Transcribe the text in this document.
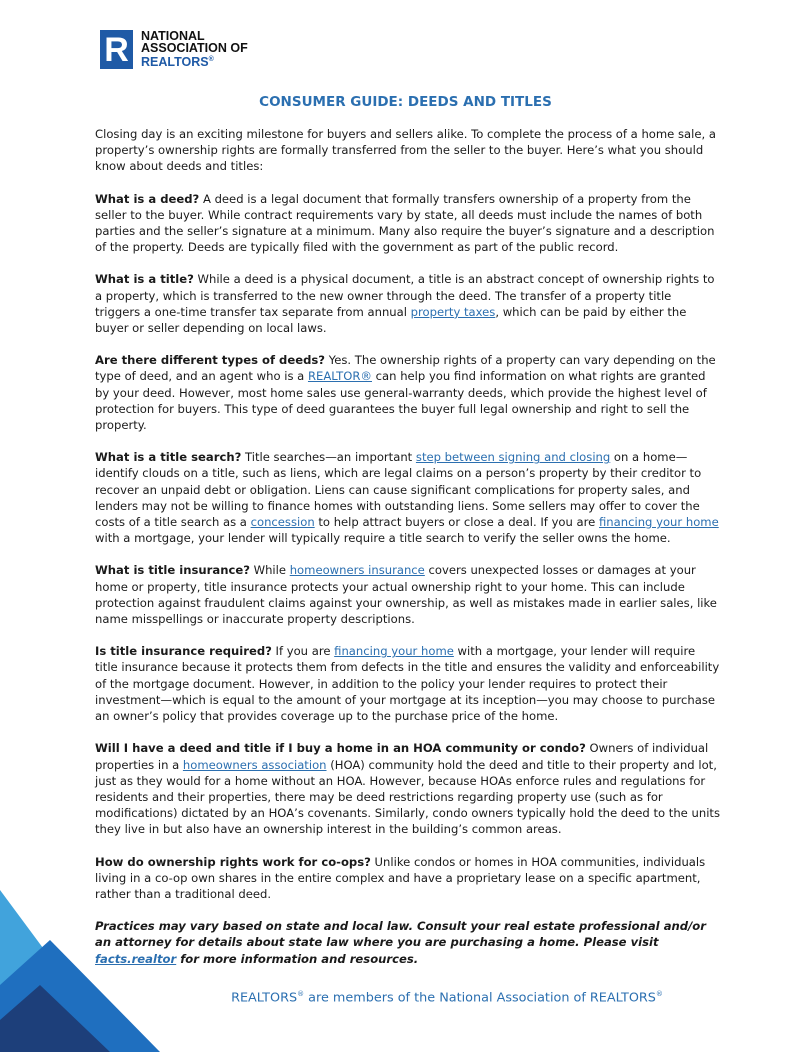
R NATIONAL
ASSOCIATION OF
REALTORS®
CONSUMER GUIDE: DEEDS AND TITLES

Closing day is an exciting milestone for buyers and sellers alike. To complete the process of a home sale, a property’s ownership rights are formally transferred from the seller to the buyer. Here’s what you should know about deeds and titles:

What is a deed? A deed is a legal document that formally transfers ownership of a property from the seller to the buyer. While contract requirements vary by state, all deeds must include the names of both parties and the seller’s signature at a minimum. Many also require the buyer’s signature and a description of the property. Deeds are typically filed with the government as part of the public record.

What is a title? While a deed is a physical document, a title is an abstract concept of ownership rights to a property, which is transferred to the new owner through the deed. The transfer of a property title triggers a one-time transfer tax separate from annual property taxes, which can be paid by either the buyer or seller depending on local laws.

Are there different types of deeds? Yes. The ownership rights of a property can vary depending on the type of deed, and an agent who is a REALTOR® can help you find information on what rights are granted by your deed. However, most home sales use general-warranty deeds, which provide the highest level of protection for buyers. This type of deed guarantees the buyer full legal ownership and right to sell the property.

What is a title search? Title searches—an important step between signing and closing on a home—identify clouds on a title, such as liens, which are legal claims on a person’s property by their creditor to recover an unpaid debt or obligation. Liens can cause significant complications for property sales, and lenders may not be willing to finance homes with outstanding liens. Some sellers may offer to cover the costs of a title search as a concession to help attract buyers or close a deal. If you are financing your home with a mortgage, your lender will typically require a title search to verify the seller owns the home.

What is title insurance? While homeowners insurance covers unexpected losses or damages at your home or property, title insurance protects your actual ownership right to your home. This can include protection against fraudulent claims against your ownership, as well as mistakes made in earlier sales, like name misspellings or inaccurate property descriptions.

Is title insurance required? If you are financing your home with a mortgage, your lender will require title insurance because it protects them from defects in the title and ensures the validity and enforceability of the mortgage document. However, in addition to the policy your lender requires to protect their investment—which is equal to the amount of your mortgage at its inception—you may choose to purchase an owner’s policy that provides coverage up to the purchase price of the home.

Will I have a deed and title if I buy a home in an HOA community or condo? Owners of individual properties in a homeowners association (HOA) community hold the deed and title to their property and lot, just as they would for a home without an HOA. However, because HOAs enforce rules and regulations for residents and their properties, there may be deed restrictions regarding property use (such as for modifications) dictated by an HOA’s covenants. Similarly, condo owners typically hold the deed to the units they live in but also have an ownership interest in the building’s common areas.

How do ownership rights work for co-ops? Unlike condos or homes in HOA communities, individuals living in a co-op own shares in the entire complex and have a proprietary lease on a specific apartment, rather than a traditional deed.

Practices may vary based on state and local law. Consult your real estate professional and/or an attorney for details about state law where you are purchasing a home. Please visit facts.realtor for more information and resources.

REALTORS® are members of the National Association of REALTORS®
